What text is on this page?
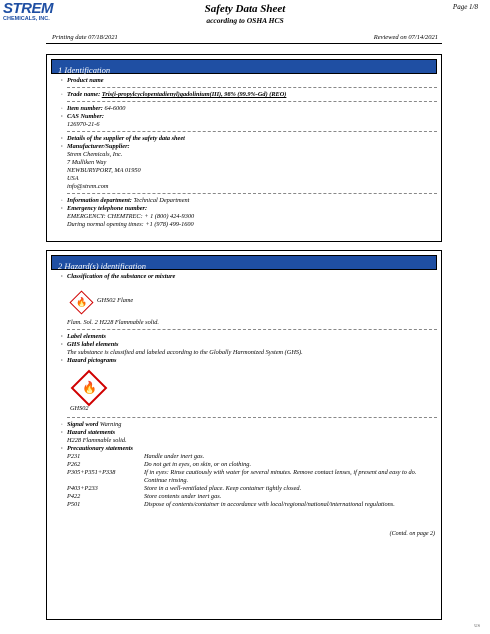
STREM
CHEMICALS, INC.
Safety Data Sheet
according to OSHA HCS
Page 1/8
Printing date 07/18/2021	Reviewed on 07/14/2021
1 Identification
· Product name
· Trade name: Tris(i-propylcyclopentadienyl)gadolinium(III), 98% (99.9%-Gd) (REO)
· Item number: 64-6000
· CAS Number:
126970-21-6
· Details of the supplier of the safety data sheet
· Manufacturer/Supplier:
Strem Chemicals, Inc.
7 Mulliken Way
NEWBURYPORT, MA 01950
USA
info@strem.com
· Information department: Technical Department
· Emergency telephone number:
EMERGENCY: CHEMTREC: + 1 (800) 424-9300
During normal opening times: +1 (978) 499-1600
2 Hazard(s) identification
· Classification of the substance or mixture
🔥 GHS02 Flame
Flam. Sol. 2 H228 Flammable solid.
· Label elements
· GHS label elements
The substance is classified and labeled according to the Globally Harmonized System (GHS).
· Hazard pictograms
🔥
GHS02
· Signal word Warning
· Hazard statements
H228 Flammable solid.
· Precautionary statements
P231	Handle under inert gas.
P262	Do not get in eyes, on skin, or on clothing.
P305+P351+P338	If in eyes: Rinse cautiously with water for several minutes. Remove contact lenses, if present and easy to do. Continue rinsing.
P403+P233	Store in a well-ventilated place. Keep container tightly closed.
P422	Store contents under inert gas.
P501	Dispose of contents/container in accordance with local/regional/national/international regulations.
(Contd. on page 2)
US
